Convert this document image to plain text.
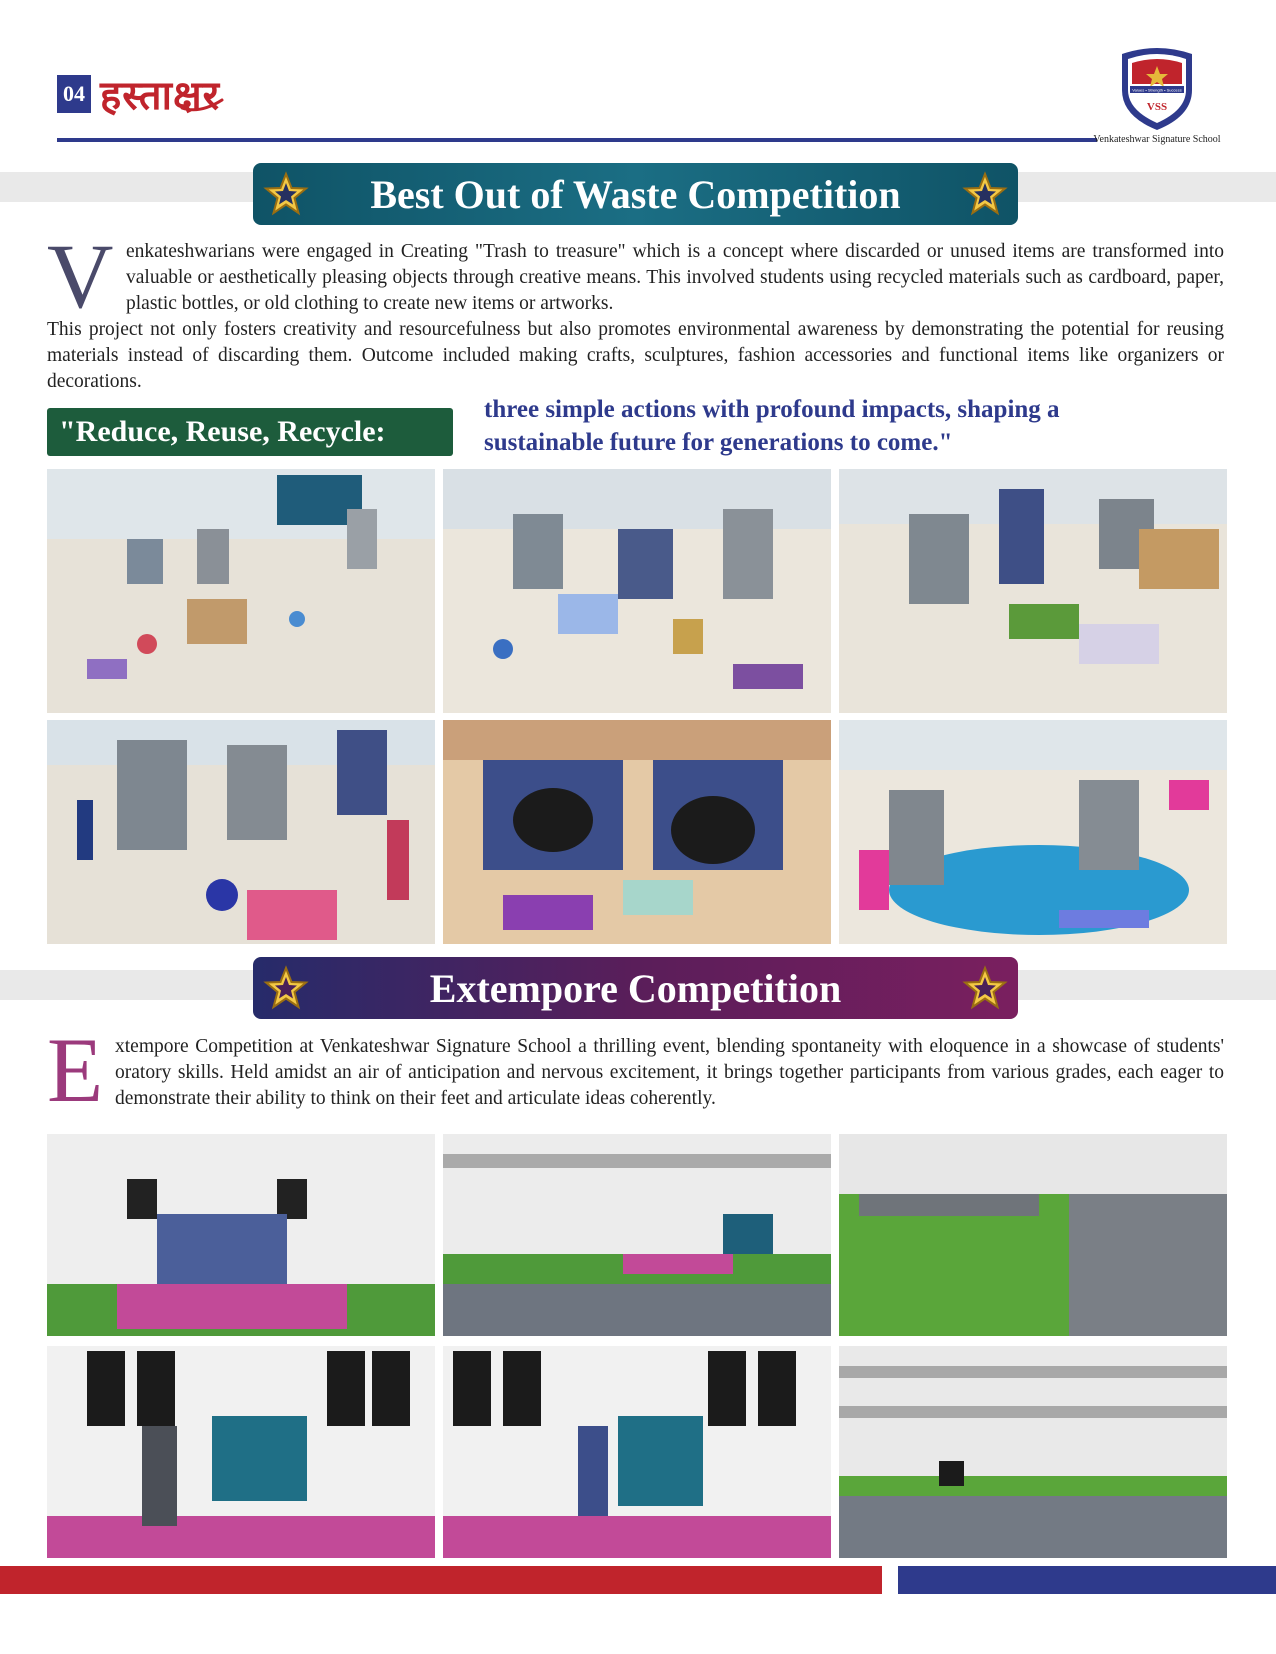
04 हस्ताक्षर	Values • Strength • Success
VSS
Venkateshwar Signature School
Best Out of Waste Competition
V enkateshwarians were engaged in Creating "Trash to treasure" which is a concept where discarded or unused items are transformed into valuable or aesthetically pleasing objects through creative means. This involved students using recycled materials such as cardboard, paper, plastic bottles, or old clothing to create new items or artworks.
This project not only fosters creativity and resourcefulness but also promotes environmental awareness by demonstrating the potential for reusing materials instead of discarding them. Outcome included making crafts, sculptures, fashion accessories and functional items like organizers or decorations.
"Reduce, Reuse, Recycle:
three simple actions with profound impacts, shaping a sustainable future for generations to come."
Extempore Competition
E xtempore Competition at Venkateshwar Signature School a thrilling event, blending spontaneity with eloquence in a showcase of students' oratory skills. Held amidst an air of anticipation and nervous excitement, it brings together participants from various grades, each eager to demonstrate their ability to think on their feet and articulate ideas coherently.
